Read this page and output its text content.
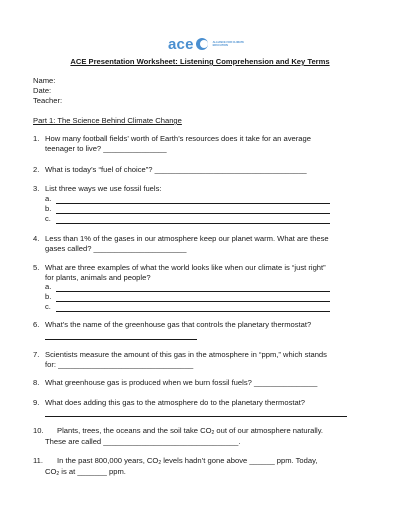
ace	ALLIANCE FOR CLIMATE EDUCATION
ACE Presentation Worksheet: Listening Comprehension and Key Terms
Name:
Date:
Teacher:
Part 1: The Science Behind Climate Change
1. How many football fields’ worth of Earth’s resources does it take for an average
teenager to live? _______________
2. What is today’s “fuel of choice”? ____________________________________
3. List three ways we use fossil fuels:
a.
b.
c.
4. Less than 1% of the gases in our atmosphere keep our planet warm. What are these
gases called? ______________________
5. What are three examples of what the world looks like when our climate is “just right”
for plants, animals and people?
a.
b.
c.
6. What’s the name of the greenhouse gas that controls the planetary thermostat?
7. Scientists measure the amount of this gas in the atmosphere in “ppm,” which stands
for: ________________________________
8. What greenhouse gas is produced when we burn fossil fuels? _______________
9. What does adding this gas to the atmosphere do to the planetary thermostat?
10. Plants, trees, the oceans and the soil take $CO_2$ out of our atmosphere naturally.
These are called ________________________________.
11. In the past 800,000 years, $CO_2$ levels hadn’t gone above ______ ppm. Today,
$CO_2$ is at _______ ppm.
